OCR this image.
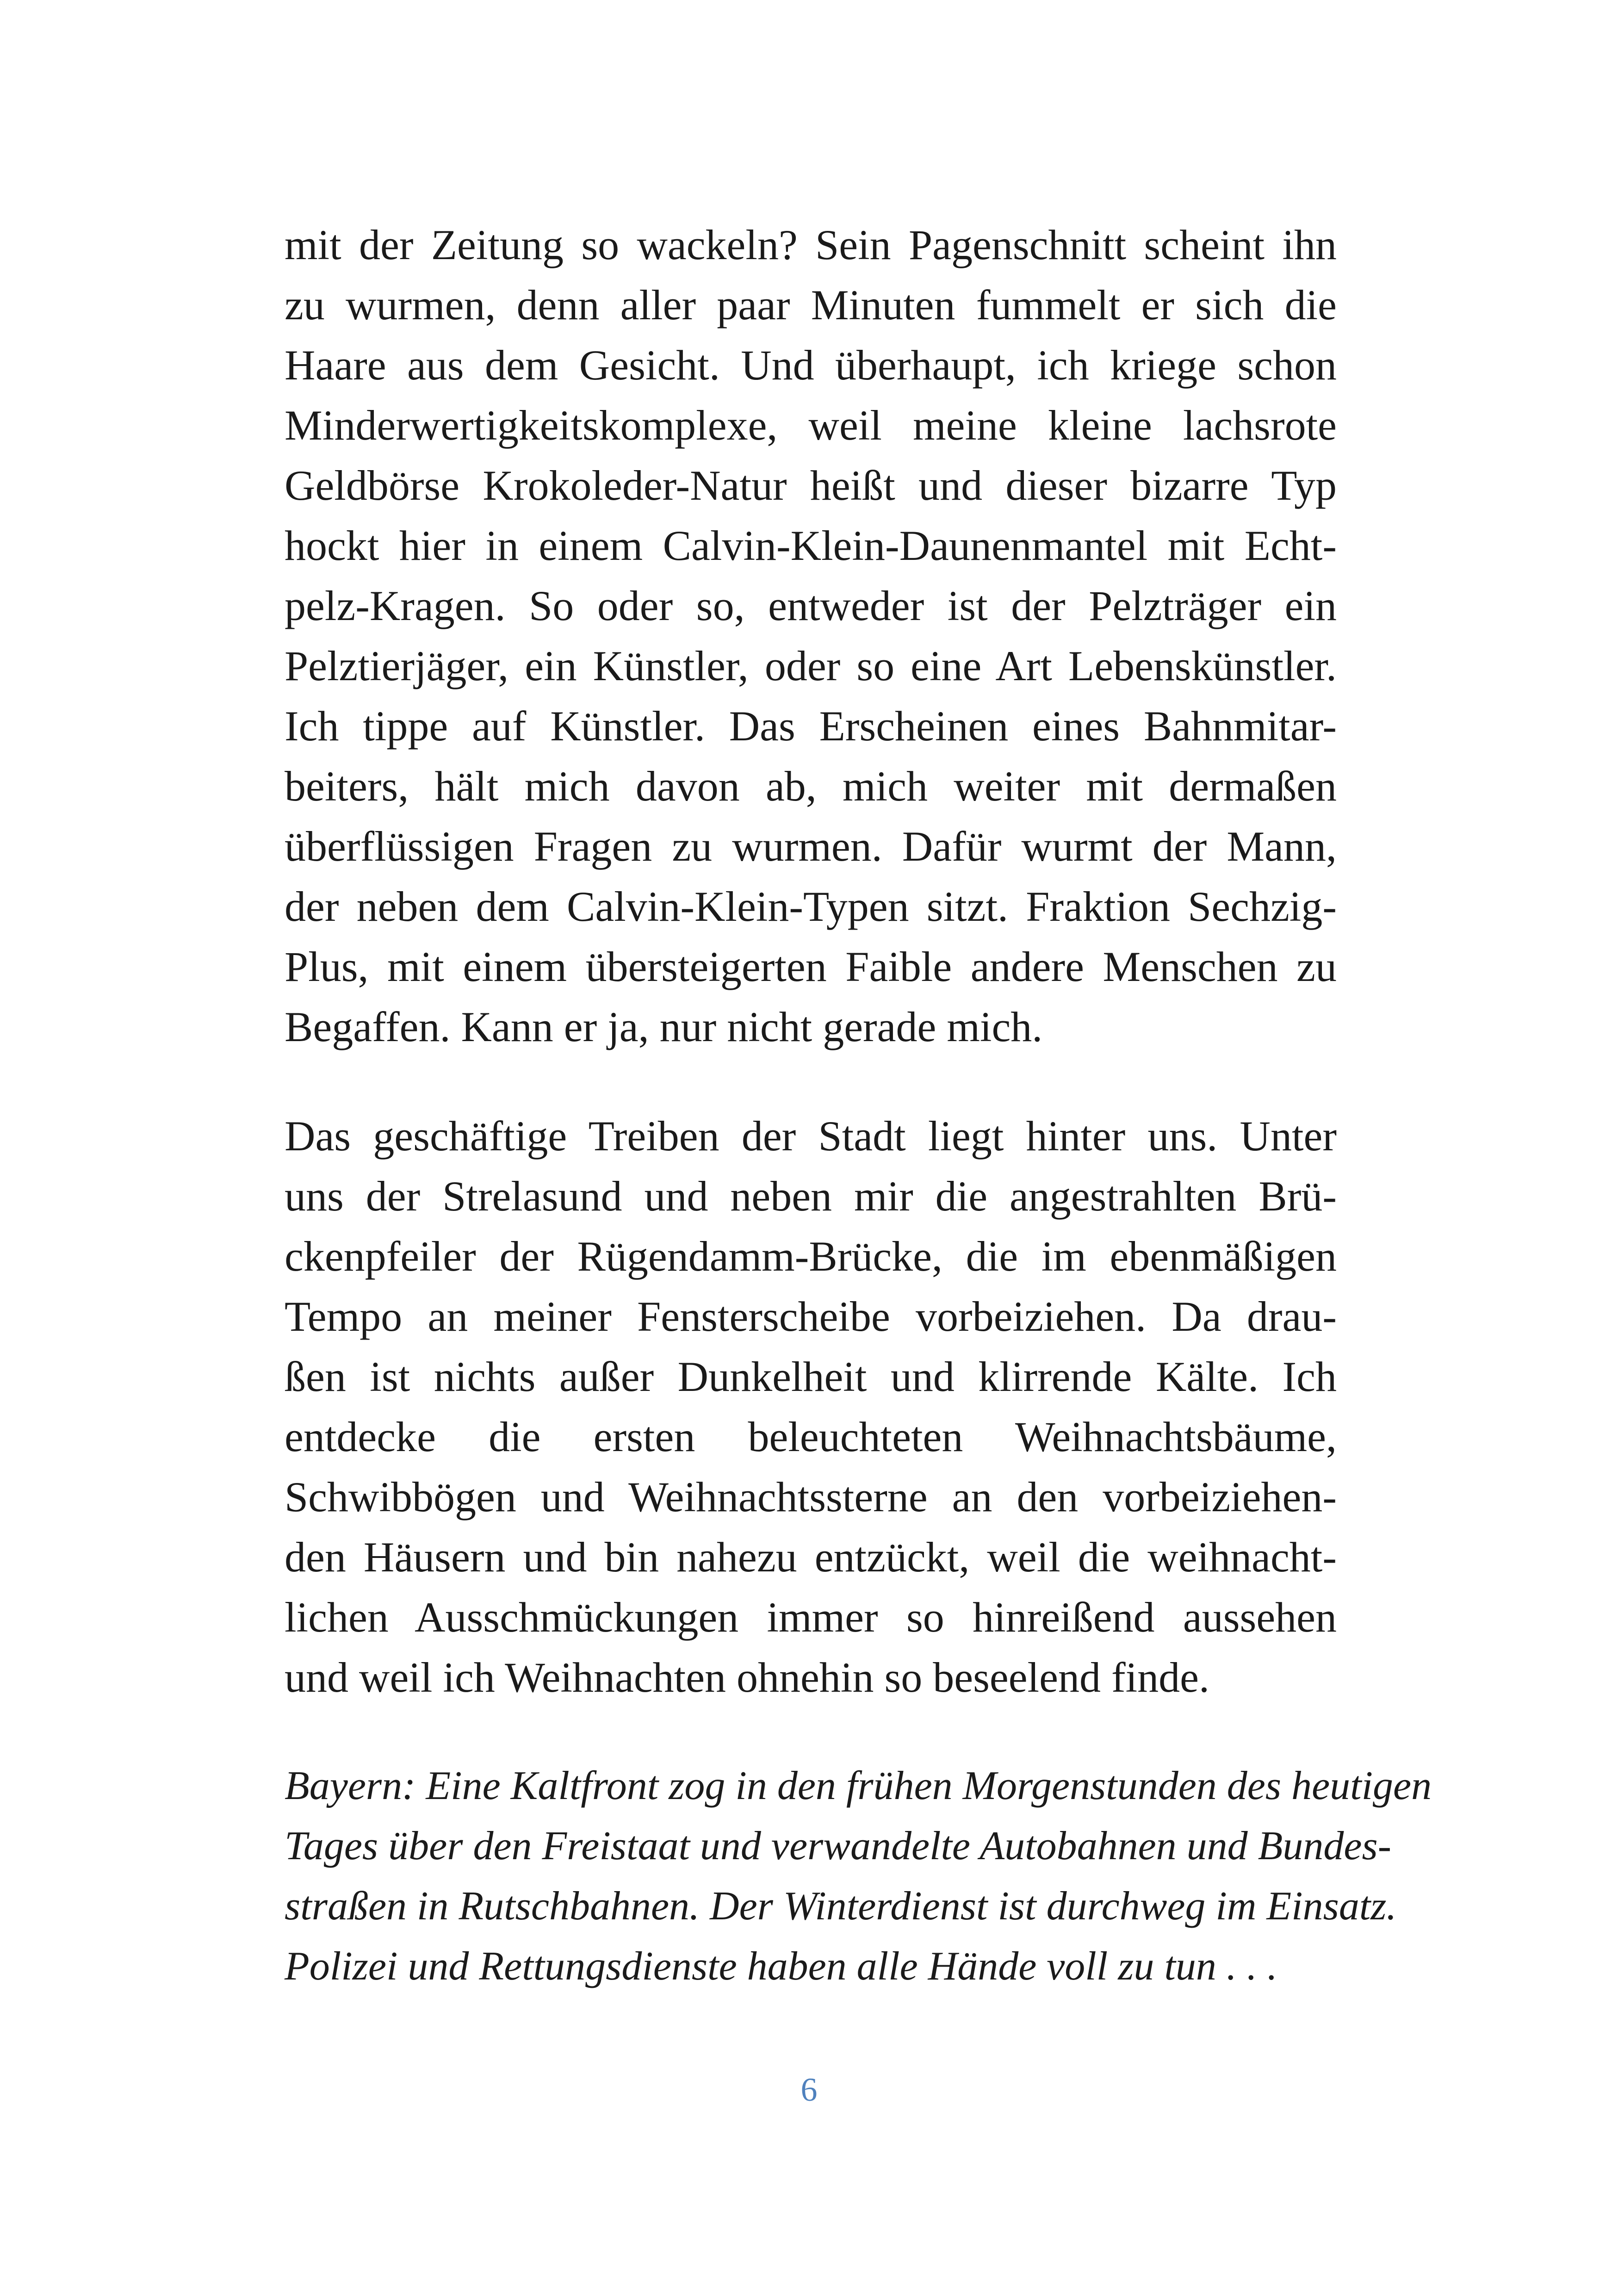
mit der Zeitung so wackeln? Sein Pagenschnitt scheint ihn
zu wurmen, denn aller paar Minuten fummelt er sich die
Haare aus dem Gesicht. Und überhaupt, ich kriege schon
Minderwertigkeitskomplexe, weil meine kleine lachsrote
Geldbörse Krokoleder-Natur heißt und dieser bizarre Typ
hockt hier in einem Calvin-Klein-Daunenmantel mit Echt-
pelz-Kragen. So oder so, entweder ist der Pelzträger ein
Pelztierjäger, ein Künstler, oder so eine Art Lebenskünstler.
Ich tippe auf Künstler. Das Erscheinen eines Bahnmitar-
beiters, hält mich davon ab, mich weiter mit dermaßen
überflüssigen Fragen zu wurmen. Dafür wurmt der Mann,
der neben dem Calvin-Klein-Typen sitzt. Fraktion Sechzig-
Plus, mit einem übersteigerten Faible andere Menschen zu
Begaffen. Kann er ja, nur nicht gerade mich.
Das geschäftige Treiben der Stadt liegt hinter uns. Unter
uns der Strelasund und neben mir die angestrahlten Brü-
ckenpfeiler der Rügendamm-Brücke, die im ebenmäßigen
Tempo an meiner Fensterscheibe vorbeiziehen. Da drau-
ßen ist nichts außer Dunkelheit und klirrende Kälte. Ich
entdecke die ersten beleuchteten Weihnachtsbäume,
Schwibbögen und Weihnachtssterne an den vorbeiziehen-
den Häusern und bin nahezu entzückt, weil die weihnacht-
lichen Ausschmückungen immer so hinreißend aussehen
und weil ich Weihnachten ohnehin so beseelend finde.
Bayern: Eine Kaltfront zog in den frühen Morgenstunden des heutigen
Tages über den Freistaat und verwandelte Autobahnen und Bundes-
straßen in Rutschbahnen. Der Winterdienst ist durchweg im Einsatz.
Polizei und Rettungsdienste haben alle Hände voll zu tun . . .
6
